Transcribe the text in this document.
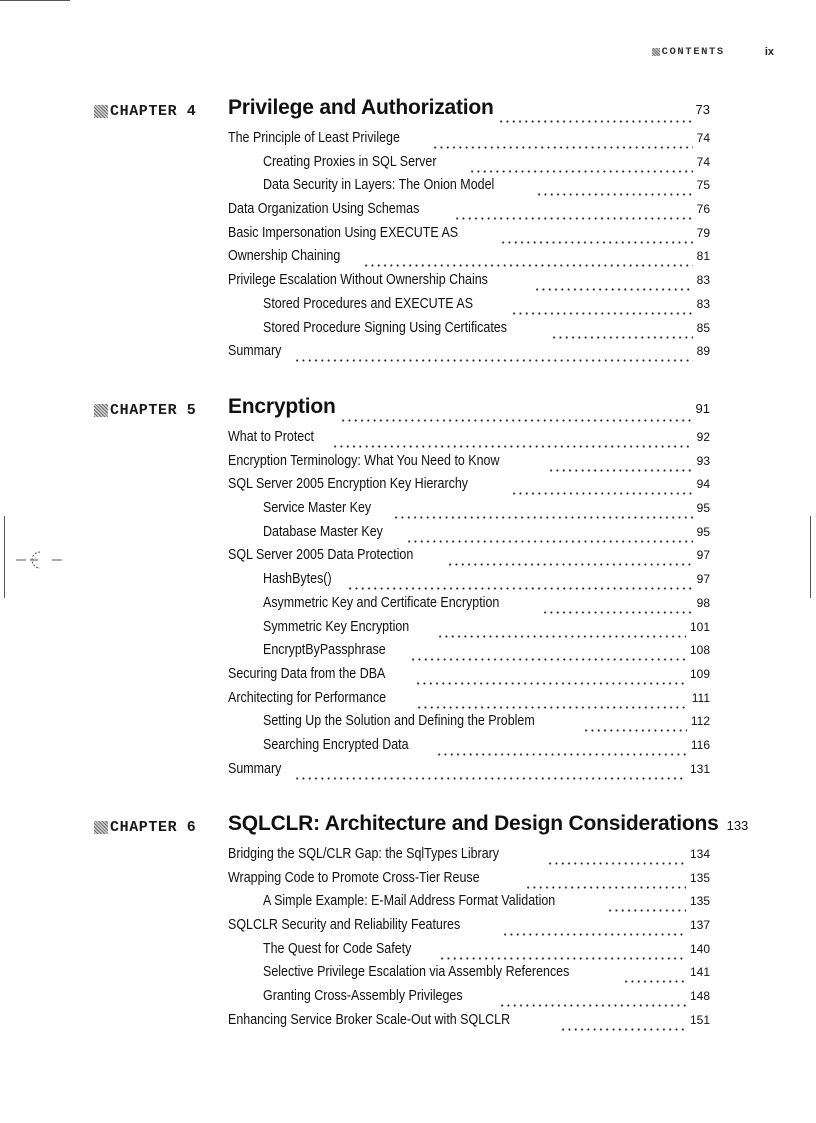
CONTENTS	ix
CHAPTER 4 Privilege and Authorization	73
The Principle of Least Privilege	74
Creating Proxies in SQL Server	74
Data Security in Layers: The Onion Model	75
Data Organization Using Schemas	76
Basic Impersonation Using EXECUTE AS	79
Ownership Chaining	81
Privilege Escalation Without Ownership Chains	83
Stored Procedures and EXECUTE AS	83
Stored Procedure Signing Using Certificates	85
Summary	89
CHAPTER 5 Encryption	91
What to Protect	92
Encryption Terminology: What You Need to Know	93
SQL Server 2005 Encryption Key Hierarchy	94
Service Master Key	95
Database Master Key	95
SQL Server 2005 Data Protection	97
HashBytes()	97
Asymmetric Key and Certificate Encryption	98
Symmetric Key Encryption	101
EncryptByPassphrase	108
Securing Data from the DBA	109
Architecting for Performance	111
Setting Up the Solution and Defining the Problem	112
Searching Encrypted Data	116
Summary	131
CHAPTER 6 SQLCLR: Architecture and Design Considerations 133
Bridging the SQL/CLR Gap: the SqlTypes Library	134
Wrapping Code to Promote Cross-Tier Reuse	135
A Simple Example: E-Mail Address Format Validation	135
SQLCLR Security and Reliability Features	137
The Quest for Code Safety	140
Selective Privilege Escalation via Assembly References	141
Granting Cross-Assembly Privileges	148
Enhancing Service Broker Scale-Out with SQLCLR	151
